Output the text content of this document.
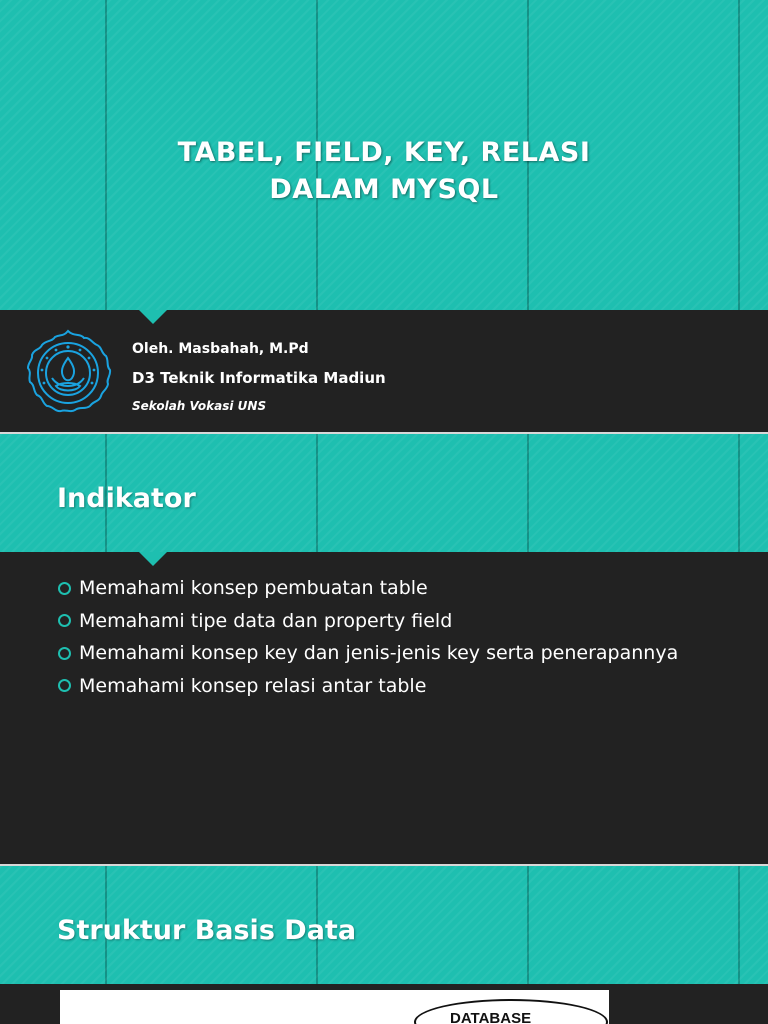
TABEL, FIELD, KEY, RELASI
DALAM MYSQL
Oleh. Masbahah, M.Pd
D3 Teknik Informatika Madiun
Sekolah Vokasi UNS
Indikator
Memahami konsep pembuatan table
Memahami tipe data dan property field
Memahami konsep key dan jenis-jenis key serta penerapannya
Memahami konsep relasi antar table
Struktur Basis Data
DATABASE
